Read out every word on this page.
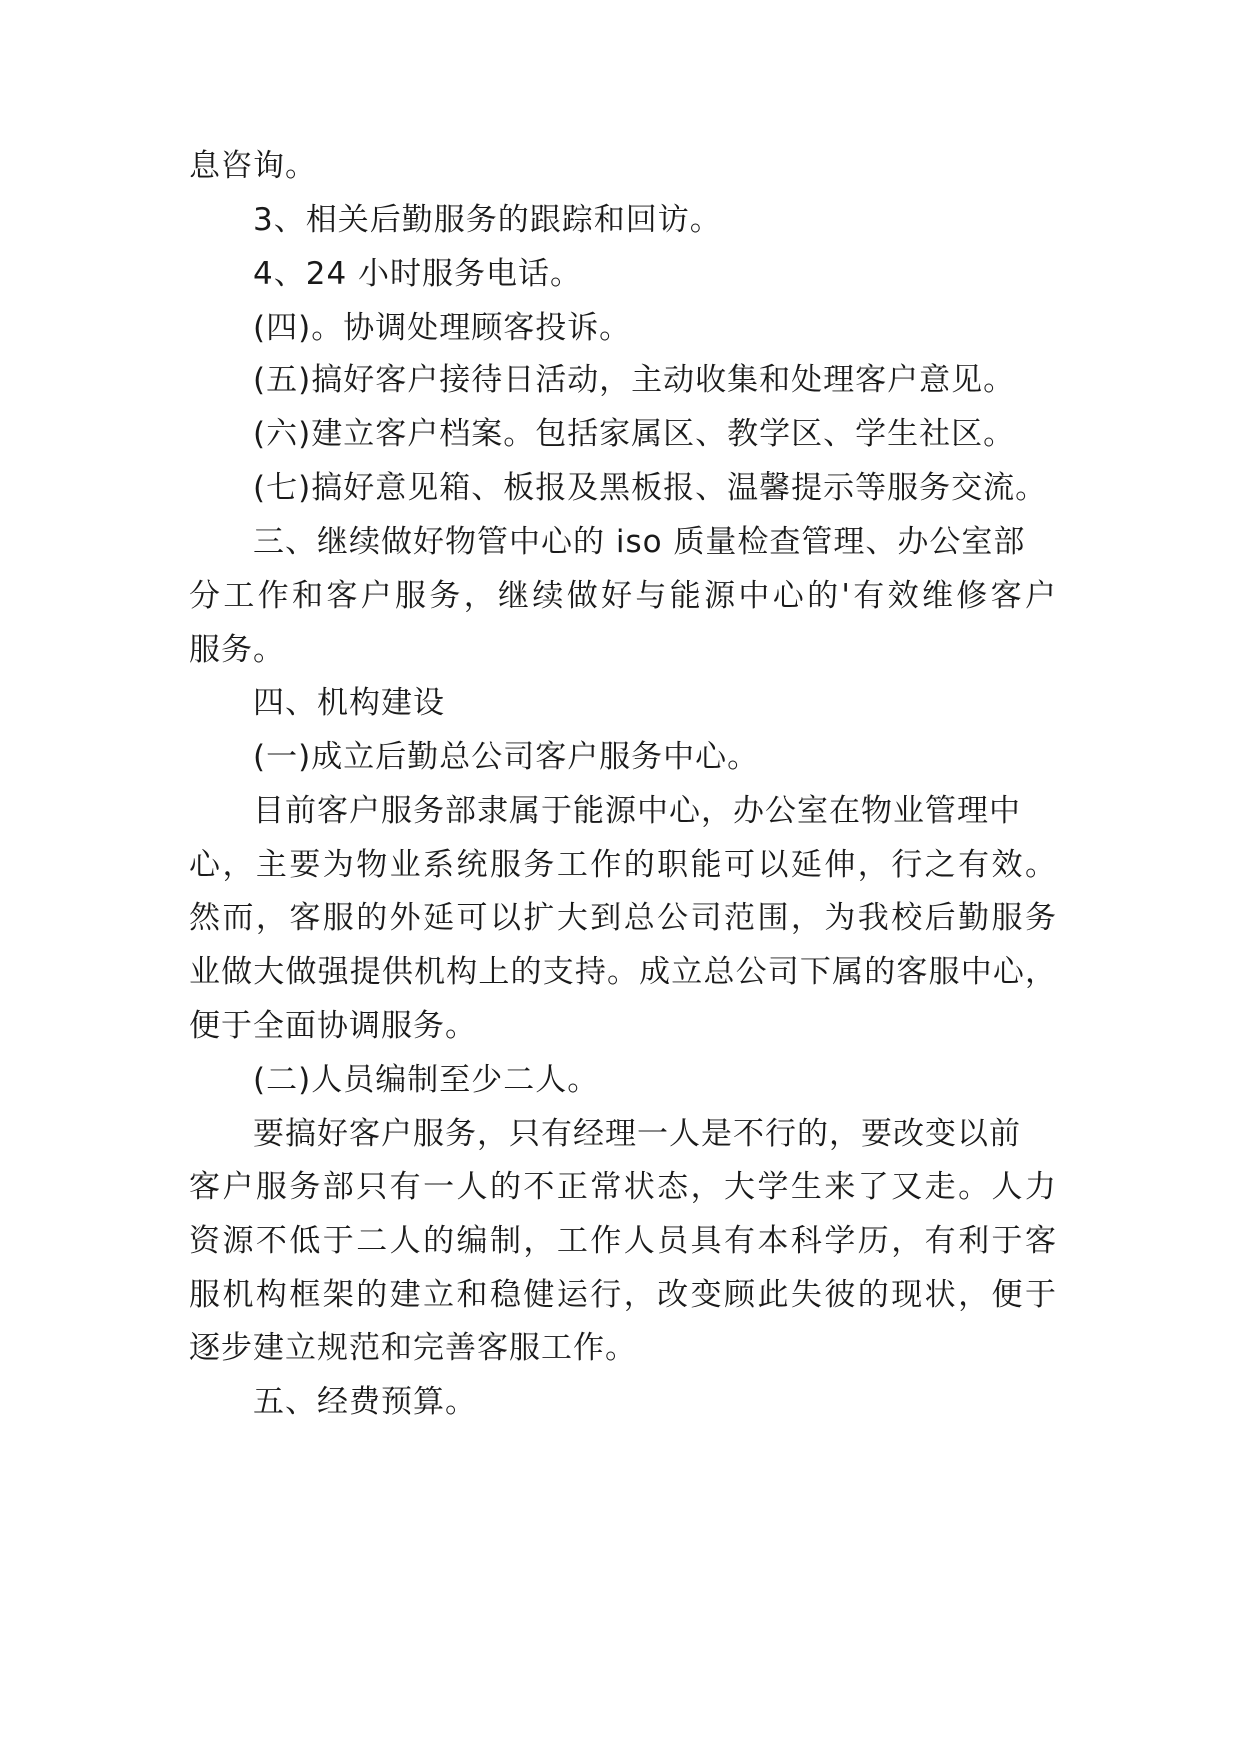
息咨询。
3、相关后勤服务的跟踪和回访。
4、24 小时服务电话。
(四)。协调处理顾客投诉。
(五)搞好客户接待日活动，主动收集和处理客户意见。
(六)建立客户档案。包括家属区、教学区、学生社区。
(七)搞好意见箱、板报及黑板报、温馨提示等服务交流。
三、继续做好物管中心的 iso 质量检查管理、办公室部
分工作和客户服务，继续做好与能源中心的'有效维修客户
服务。
四、机构建设
(一)成立后勤总公司客户服务中心。
目前客户服务部隶属于能源中心，办公室在物业管理中
心，主要为物业系统服务工作的职能可以延伸，行之有效。
然而，客服的外延可以扩大到总公司范围，为我校后勤服务
业做大做强提供机构上的支持。成立总公司下属的客服中心，
便于全面协调服务。
(二)人员编制至少二人。
要搞好客户服务，只有经理一人是不行的，要改变以前
客户服务部只有一人的不正常状态，大学生来了又走。人力
资源不低于二人的编制，工作人员具有本科学历，有利于客
服机构框架的建立和稳健运行，改变顾此失彼的现状，便于
逐步建立规范和完善客服工作。
五、经费预算。
